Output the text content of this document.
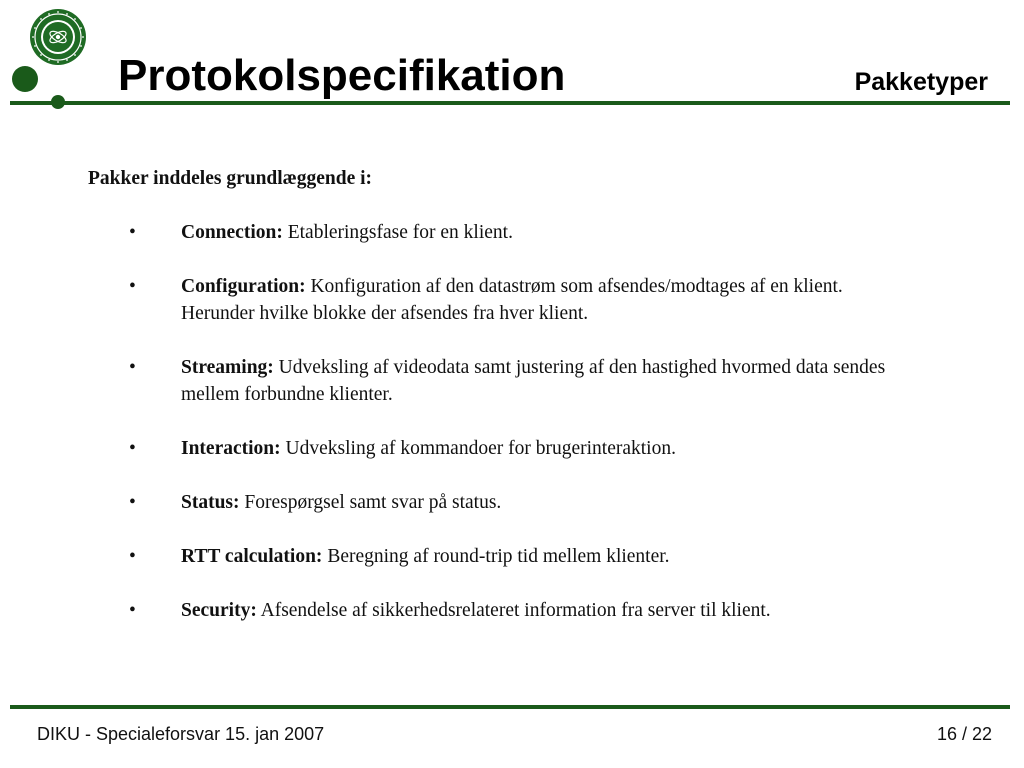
Protokolspecifikation	Pakketyper

Pakker inddeles grundlæggende i:

• Connection: Etableringsfase for en klient.
• Configuration: Konfiguration af den datastrøm som afsendes/modtages af en klient. Herunder hvilke blokke der afsendes fra hver klient.
• Streaming: Udveksling af videodata samt justering af den hastighed hvormed data sendes mellem forbundne klienter.
• Interaction: Udveksling af kommandoer for brugerinteraktion.
• Status: Forespørgsel samt svar på status.
• RTT calculation: Beregning af round-trip tid mellem klienter.
• Security: Afsendelse af sikkerhedsrelateret information fra server til klient.
DIKU - Specialeforsvar 15. jan 2007	16 / 22
